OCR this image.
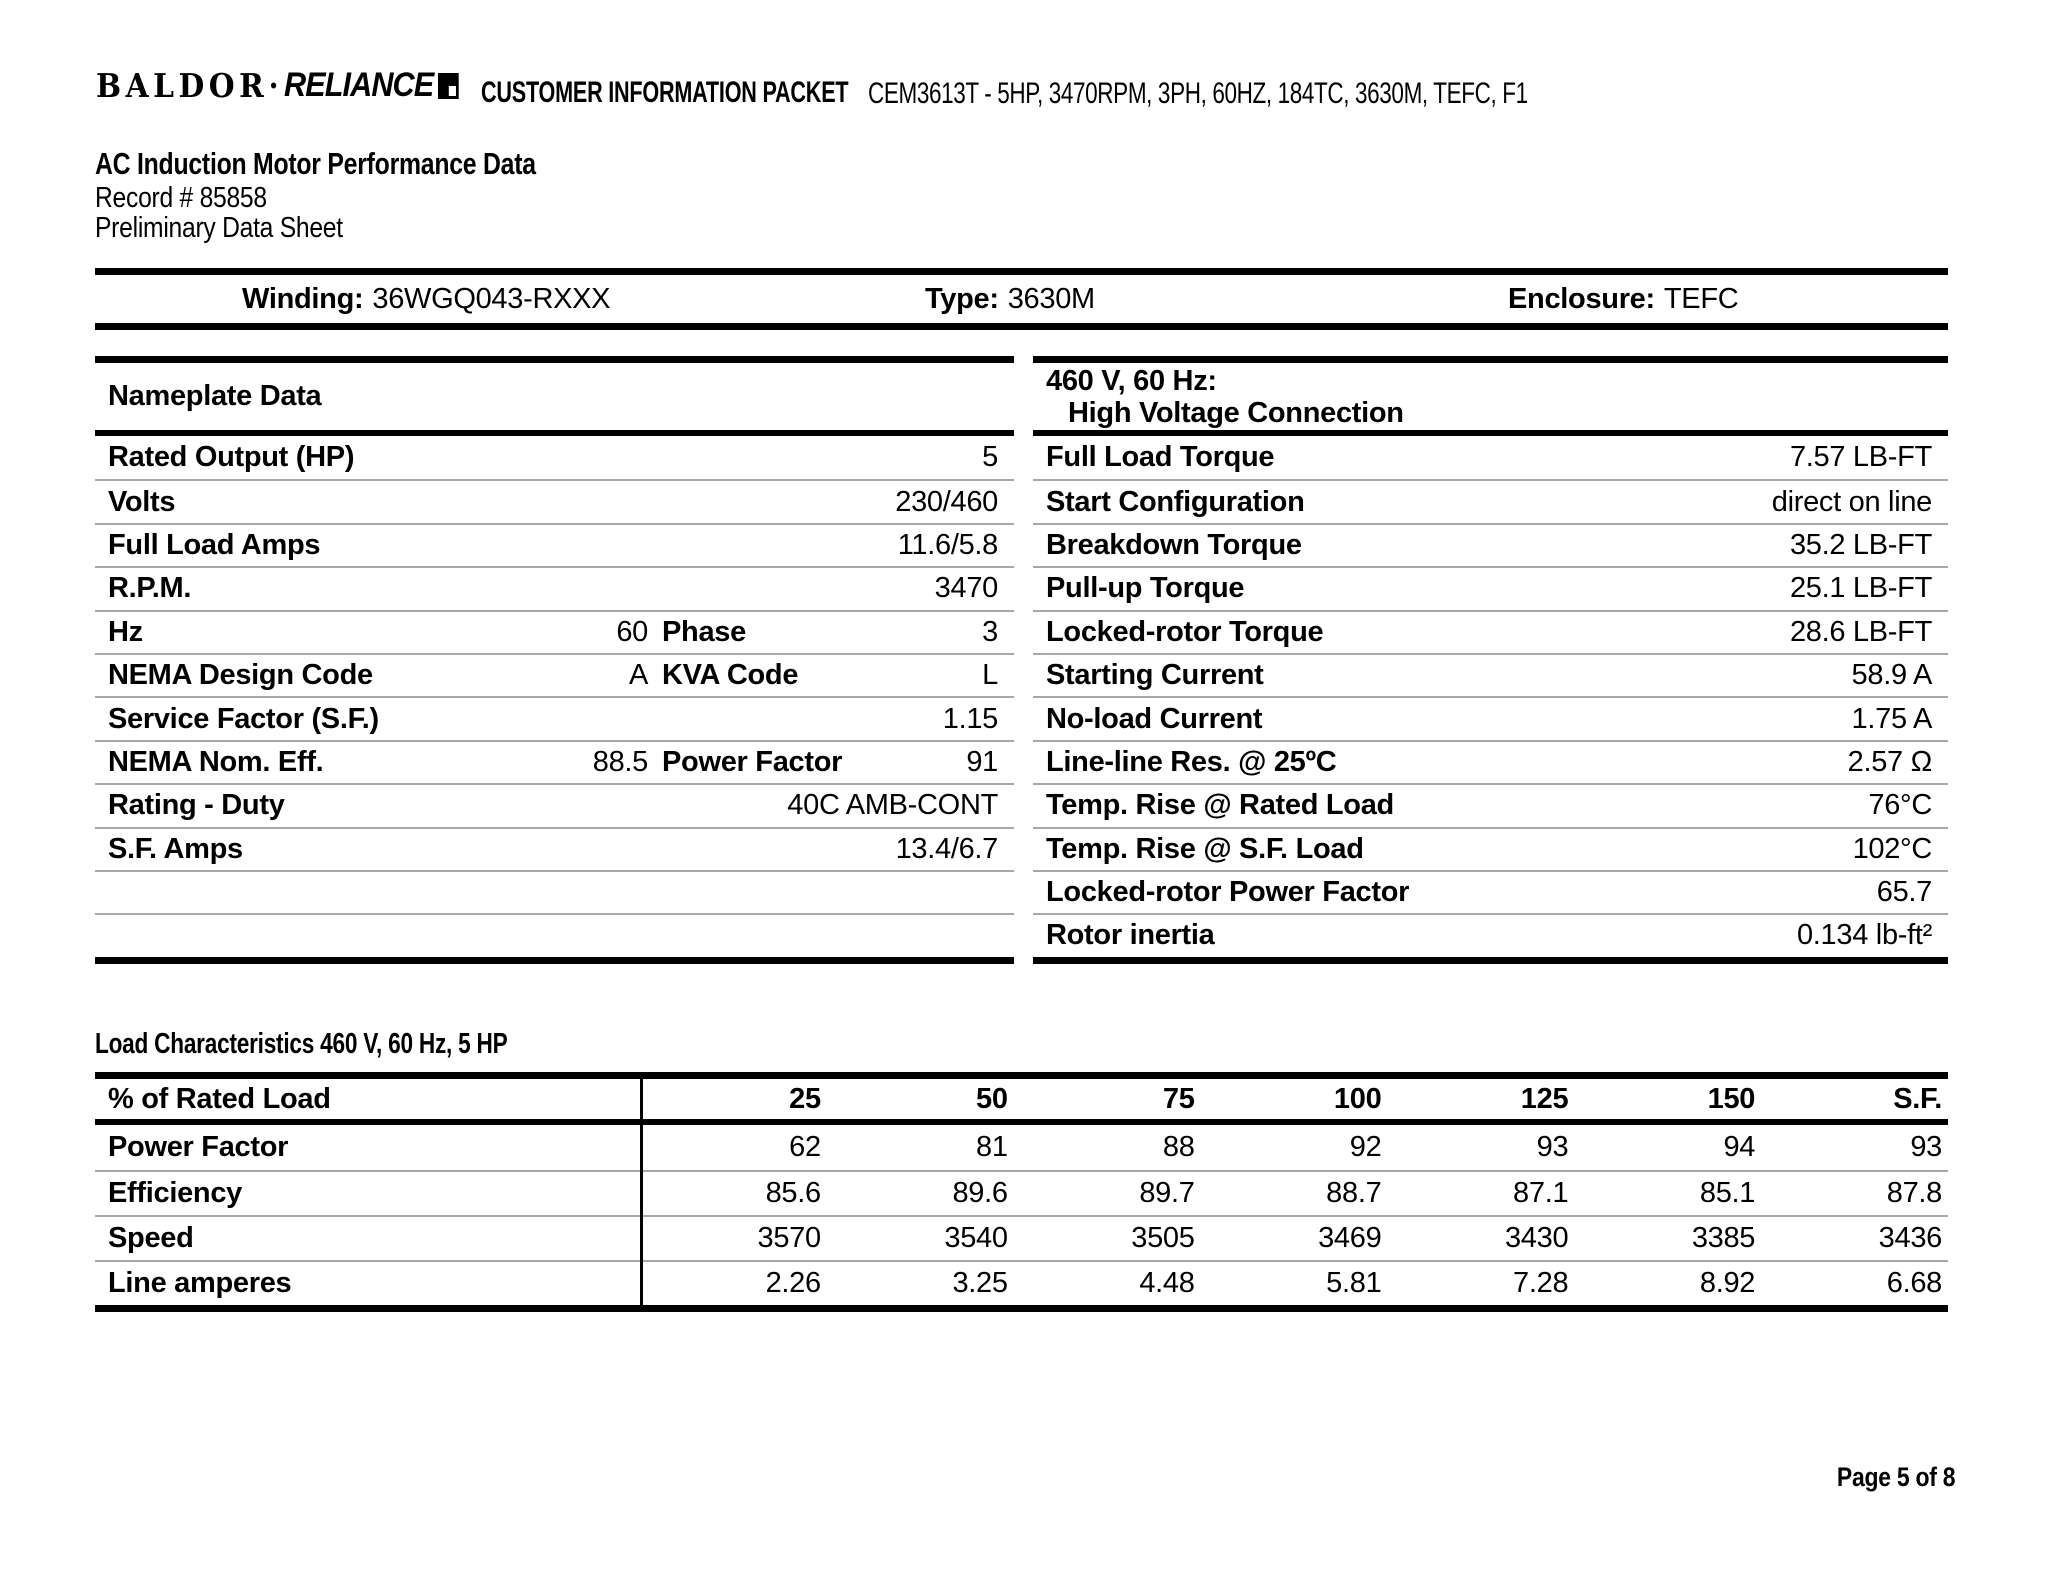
BALDOR • RELIANCE CUSTOMER INFORMATION PACKET CEM3613T - 5HP, 3470RPM, 3PH, 60HZ, 184TC, 3630M, TEFC, F1
AC Induction Motor Performance Data
Record # 85858
Preliminary Data Sheet
Winding: 36WGQ043-RXXX	Type: 3630M	Enclosure: TEFC
Nameplate Data
Rated Output (HP)	5
Volts	230/460
Full Load Amps	11.6/5.8
R.P.M.	3470
Hz	60 Phase	3
NEMA Design Code	A KVA Code	L
Service Factor (S.F.)	1.15
NEMA Nom. Eff.	88.5 Power Factor	91
Rating - Duty	40C AMB-CONT
S.F. Amps	13.4/6.7
460 V, 60 Hz:
High Voltage Connection
Full Load Torque	7.57 LB-FT
Start Configuration	direct on line
Breakdown Torque	35.2 LB-FT
Pull-up Torque	25.1 LB-FT
Locked-rotor Torque	28.6 LB-FT
Starting Current	58.9 A
No-load Current	1.75 A
Line-line Res. @ 25ºC	2.57 Ω
Temp. Rise @ Rated Load	76°C
Temp. Rise @ S.F. Load	102°C
Locked-rotor Power Factor	65.7
Rotor inertia	0.134 lb-ft²
Load Characteristics 460 V, 60 Hz, 5 HP
% of Rated Load	25	50	75	100	125	150	S.F.
Power Factor	62	81	88	92	93	94	93
Efficiency	85.6	89.6	89.7	88.7	87.1	85.1	87.8
Speed	3570	3540	3505	3469	3430	3385	3436
Line amperes	2.26	3.25	4.48	5.81	7.28	8.92	6.68
Page 5 of 8
